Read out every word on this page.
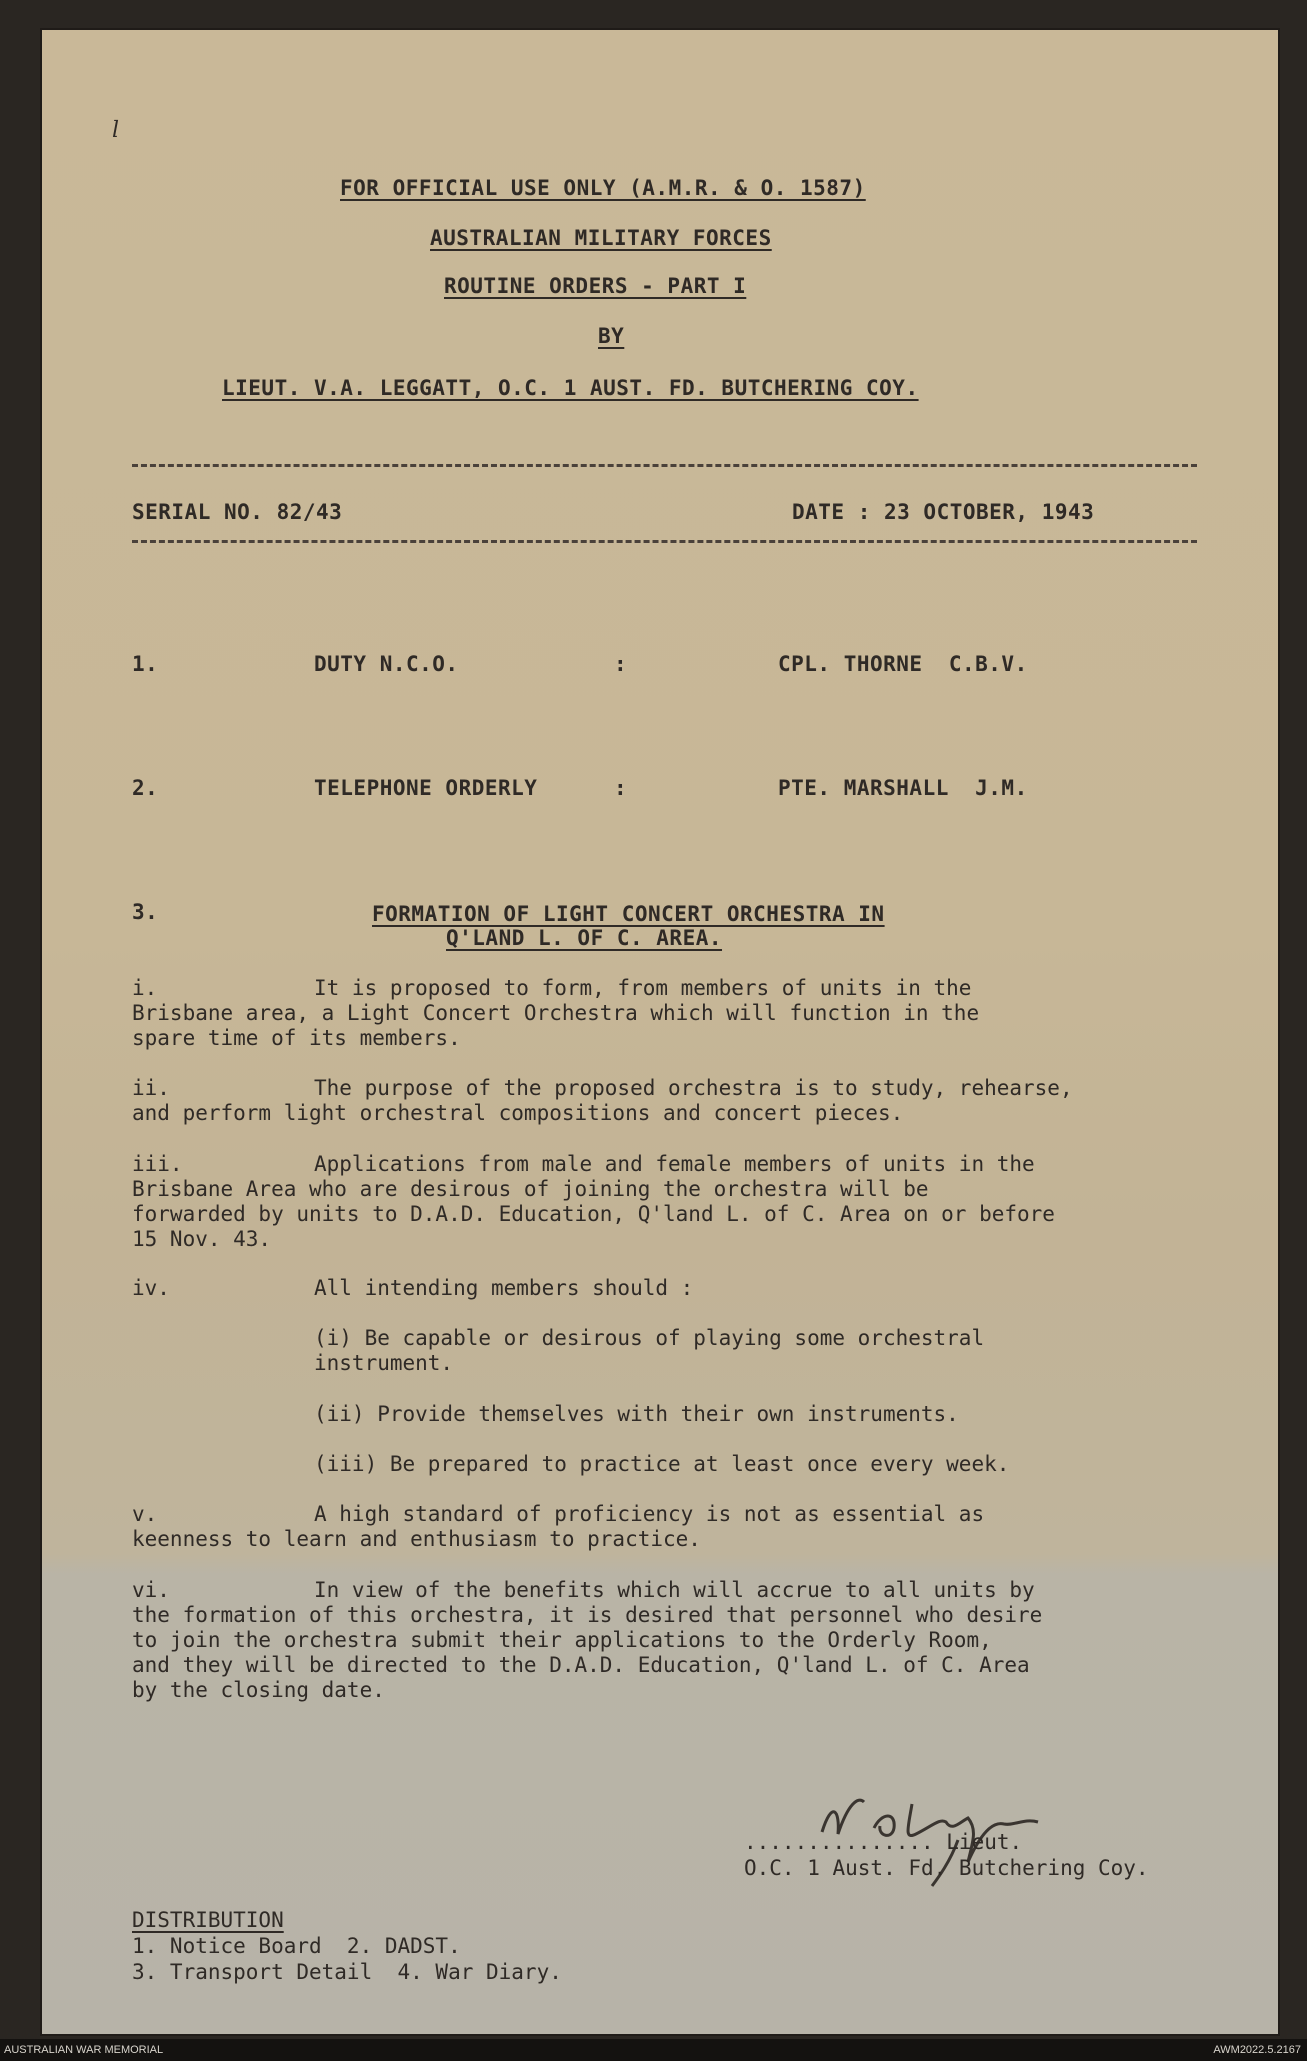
l
FOR OFFICIAL USE ONLY (A.M.R. & O. 1587)
AUSTRALIAN MILITARY FORCES
ROUTINE ORDERS - PART I
BY
LIEUT. V.A. LEGGATT, O.C. 1 AUST. FD. BUTCHERING COY.
SERIAL NO. 82/43	DATE : 23 OCTOBER, 1943
1.	DUTY N.C.O.	:	CPL. THORNE  C.B.V.
2.	TELEPHONE ORDERLY	:	PTE. MARSHALL  J.M.
3.	FORMATION OF LIGHT CONCERT ORCHESTRA IN
Q'LAND L. OF C. AREA.
i.	It is proposed to form, from members of units in the
Brisbane area, a Light Concert Orchestra which will function in the
spare time of its members.
ii.	The purpose of the proposed orchestra is to study, rehearse,
and perform light orchestral compositions and concert pieces.
iii.	Applications from male and female members of units in the
Brisbane Area who are desirous of joining the orchestra will be
forwarded by units to D.A.D. Education, Q'land L. of C. Area on or before
15 Nov. 43.
iv.	All intending members should :
(i) Be capable or desirous of playing some orchestral
instrument.
(ii) Provide themselves with their own instruments.
(iii) Be prepared to practice at least once every week.
v.	A high standard of proficiency is not as essential as
keenness to learn and enthusiasm to practice.
vi.	In view of the benefits which will accrue to all units by
the formation of this orchestra, it is desired that personnel who desire
to join the orchestra submit their applications to the Orderly Room,
and they will be directed to the D.A.D. Education, Q'land L. of C. Area
by the closing date.
............... Lieut.
O.C. 1 Aust. Fd. Butchering Coy.
DISTRIBUTION
1. Notice Board  2. DADST.
3. Transport Detail  4. War Diary.
AUSTRALIAN WAR MEMORIAL	AWM2022.5.2167
